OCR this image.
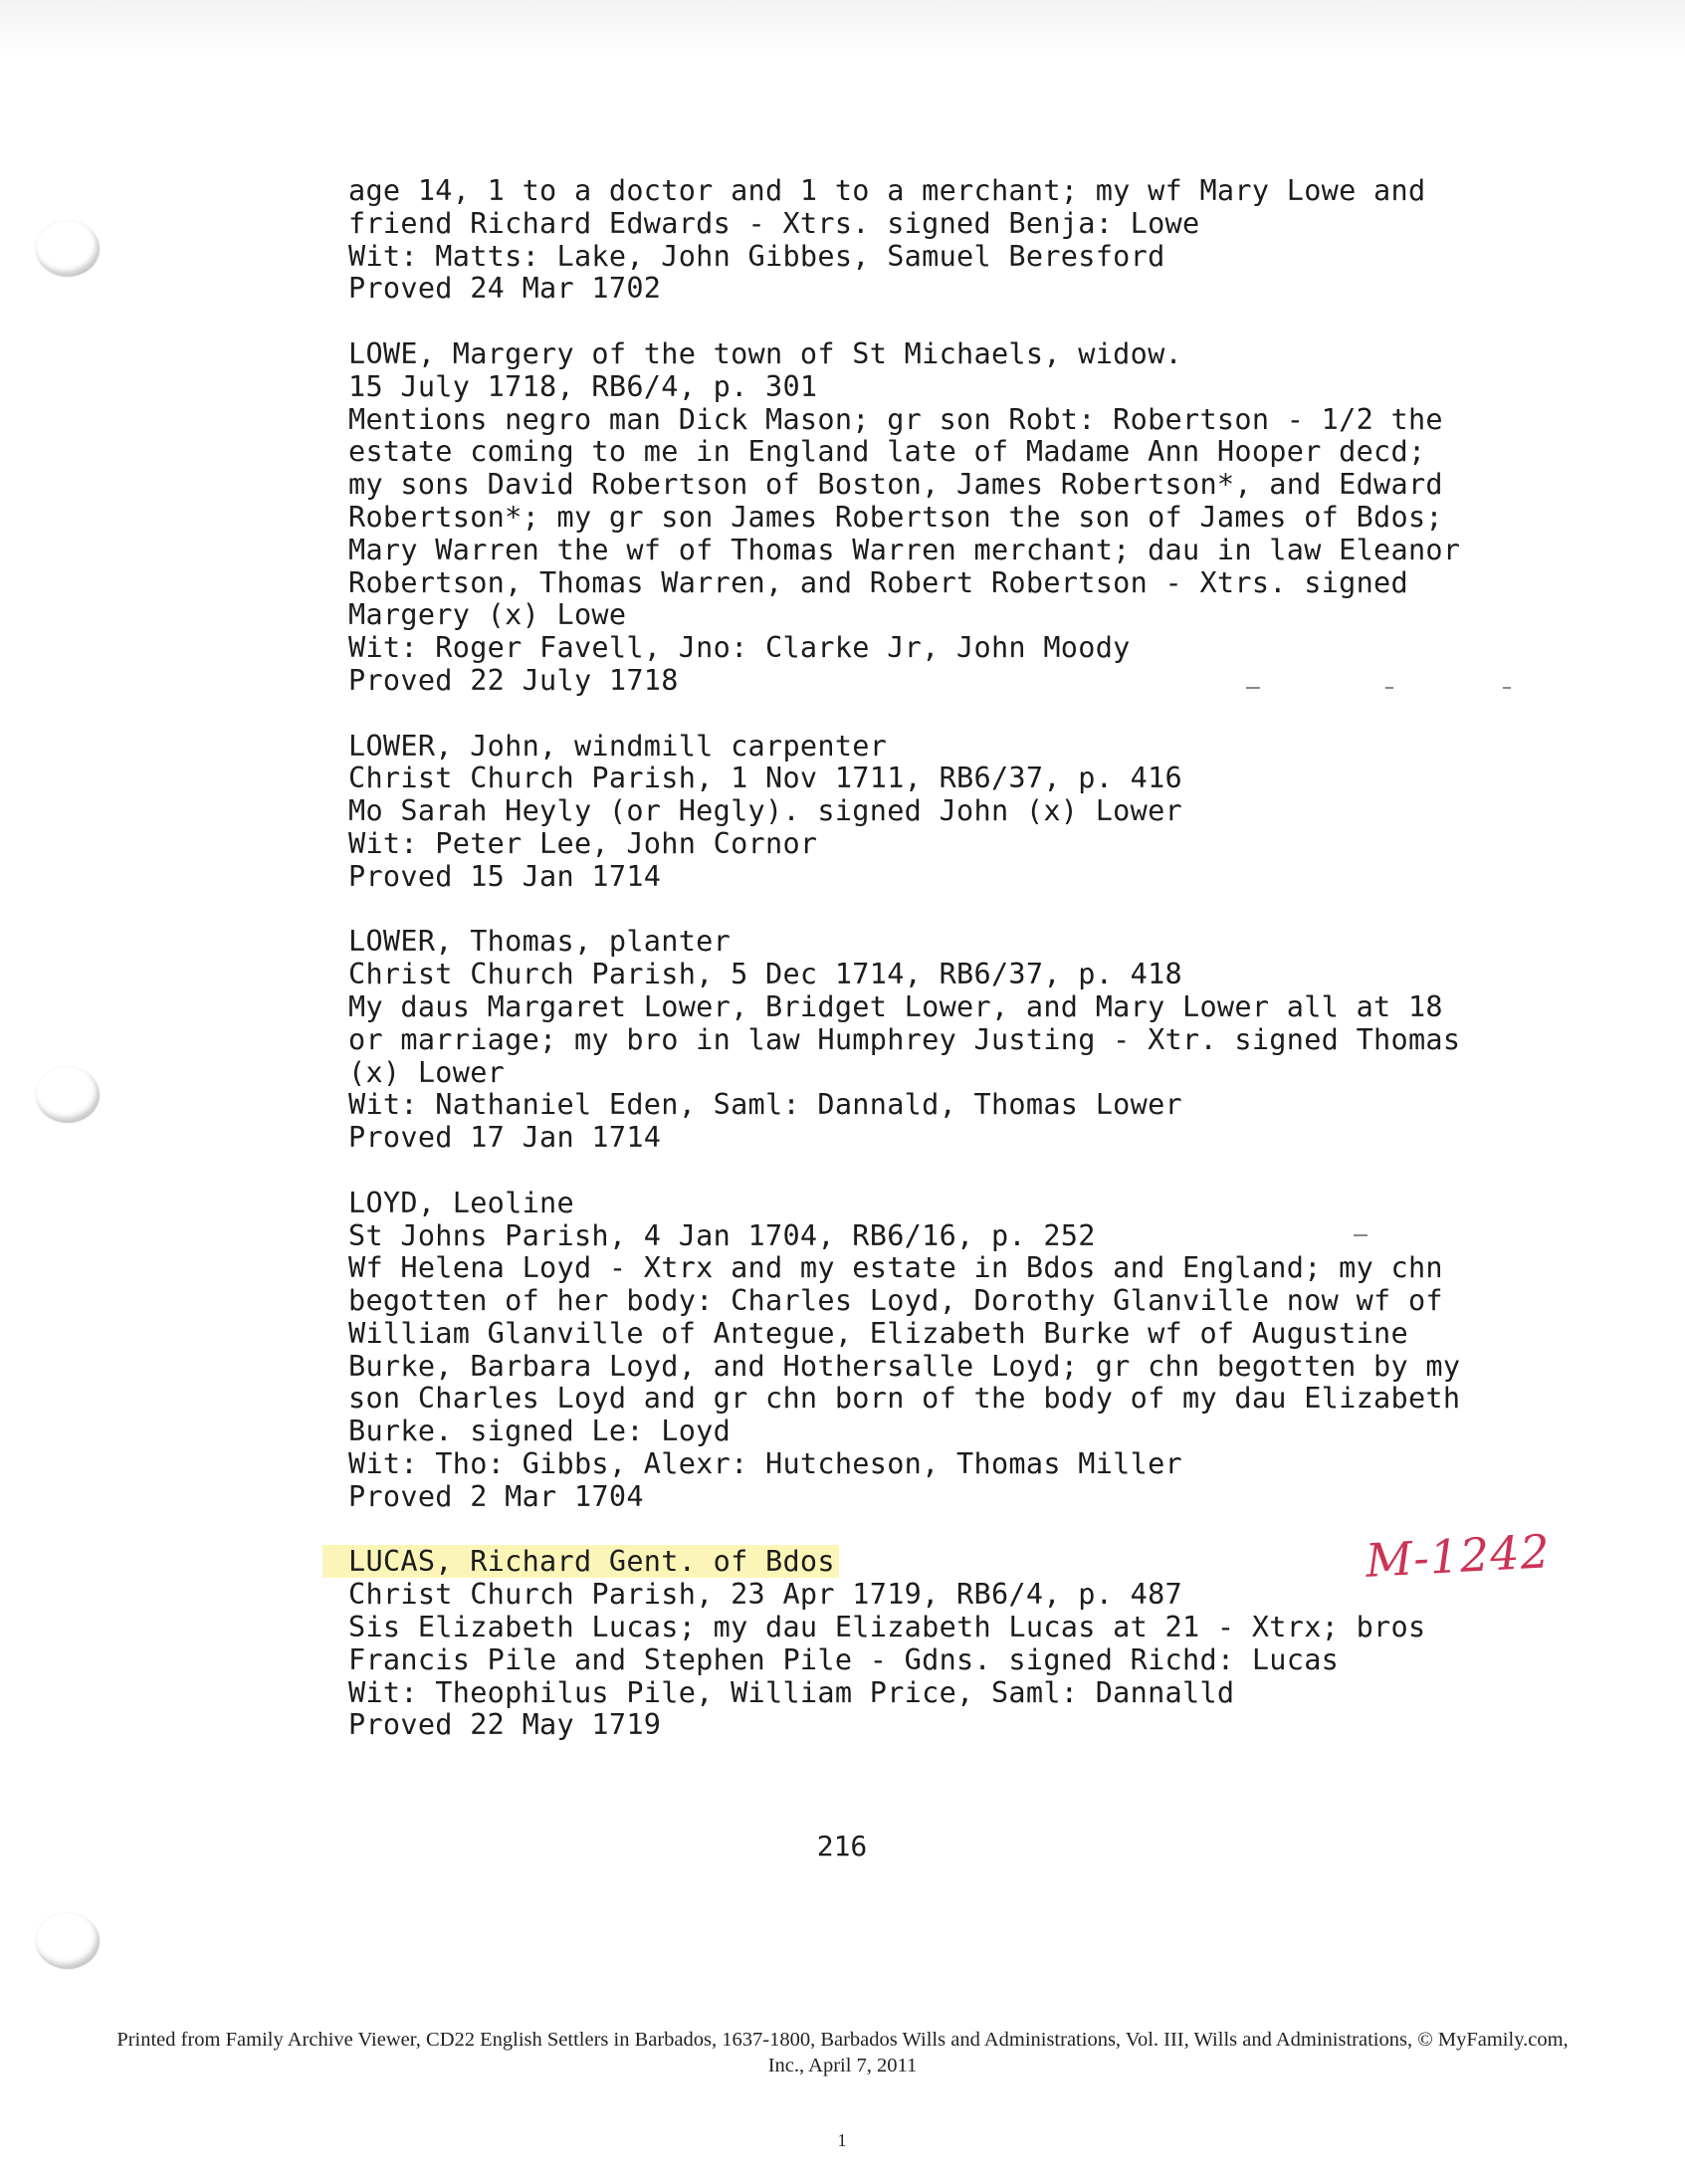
age 14, 1 to a doctor and 1 to a merchant; my wf Mary Lowe and
friend Richard Edwards - Xtrs. signed Benja: Lowe
Wit: Matts: Lake, John Gibbes, Samuel Beresford
Proved 24 Mar 1702
LOWE, Margery of the town of St Michaels, widow.
15 July 1718, RB6/4, p. 301
Mentions negro man Dick Mason; gr son Robt: Robertson - 1/2 the
estate coming to me in England late of Madame Ann Hooper decd;
my sons David Robertson of Boston, James Robertson*, and Edward
Robertson*; my gr son James Robertson the son of James of Bdos;
Mary Warren the wf of Thomas Warren merchant; dau in law Eleanor
Robertson, Thomas Warren, and Robert Robertson - Xtrs. signed
Margery (x) Lowe
Wit: Roger Favell, Jno: Clarke Jr, John Moody
Proved 22 July 1718
LOWER, John, windmill carpenter
Christ Church Parish, 1 Nov 1711, RB6/37, p. 416
Mo Sarah Heyly (or Hegly). signed John (x) Lower
Wit: Peter Lee, John Cornor
Proved 15 Jan 1714
LOWER, Thomas, planter
Christ Church Parish, 5 Dec 1714, RB6/37, p. 418
My daus Margaret Lower, Bridget Lower, and Mary Lower all at 18
or marriage; my bro in law Humphrey Justing - Xtr. signed Thomas
(x) Lower
Wit: Nathaniel Eden, Saml: Dannald, Thomas Lower
Proved 17 Jan 1714
LOYD, Leoline
St Johns Parish, 4 Jan 1704, RB6/16, p. 252
Wf Helena Loyd - Xtrx and my estate in Bdos and England; my chn
begotten of her body: Charles Loyd, Dorothy Glanville now wf of
William Glanville of Antegue, Elizabeth Burke wf of Augustine
Burke, Barbara Loyd, and Hothersalle Loyd; gr chn begotten by my
son Charles Loyd and gr chn born of the body of my dau Elizabeth
Burke. signed Le: Loyd
Wit: Tho: Gibbs, Alexr: Hutcheson, Thomas Miller
Proved 2 Mar 1704
LUCAS, Richard Gent. of Bdos
Christ Church Parish, 23 Apr 1719, RB6/4, p. 487
Sis Elizabeth Lucas; my dau Elizabeth Lucas at 21 - Xtrx; bros
Francis Pile and Stephen Pile - Gdns. signed Richd: Lucas
Wit: Theophilus Pile, William Price, Saml: Dannalld
Proved 22 May 1719
M-1242
216
Printed from Family Archive Viewer, CD22 English Settlers in Barbados, 1637-1800, Barbados Wills and Administrations, Vol. III, Wills and Administrations, © MyFamily.com,
Inc., April 7, 2011
1
